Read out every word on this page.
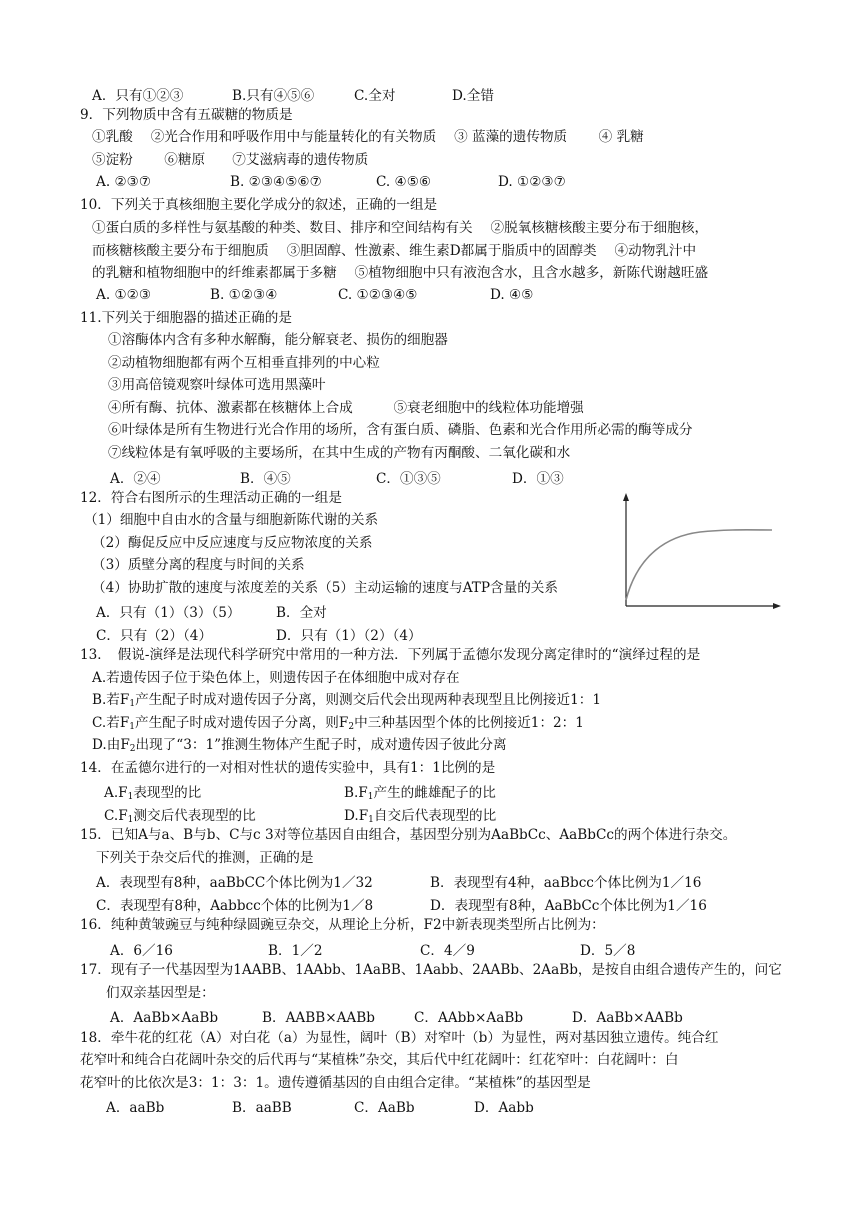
A．只有①②③	B.只有④⑤⑥	C.全对	D.全错
9．下列物质中含有五碳糖的物质是
①乳酸　 ②光合作用和呼吸作用中与能量转化的有关物质　 ③ 蓝藻的遗传物质　　 ④ 乳糖
⑤淀粉　　 ⑥糖原　　⑦艾滋病毒的遗传物质
A. ②③⑦	B. ②③④⑤⑥⑦	C. ④⑤⑥	D. ①②③⑦
10．下列关于真核细胞主要化学成分的叙述，正确的一组是
①蛋白质的多样性与氨基酸的种类、数目、排序和空间结构有关　 ②脱氧核糖核酸主要分布于细胞核，
而核糖核酸主要分布于细胞质　 ③胆固醇、性激素、维生素D都属于脂质中的固醇类　 ④动物乳汁中
的乳糖和植物细胞中的纤维素都属于多糖　 ⑤植物细胞中只有液泡含水，且含水越多，新陈代谢越旺盛
A. ①②③	B. ①②③④	C. ①②③④⑤	D. ④⑤
11.下列关于细胞器的描述正确的是
①溶酶体内含有多种水解酶，能分解衰老、损伤的细胞器
②动植物细胞都有两个互相垂直排列的中心粒
③用高倍镜观察叶绿体可选用黑藻叶
④所有酶、抗体、激素都在核糖体上合成　　　⑤衰老细胞中的线粒体功能增强
⑥叶绿体是所有生物进行光合作用的场所，含有蛋白质、磷脂、色素和光合作用所必需的酶等成分
⑦线粒体是有氧呼吸的主要场所，在其中生成的产物有丙酮酸、二氧化碳和水
A．②④	B．④⑤	C．①③⑤	D．①③
12．符合右图所示的生理活动正确的一组是
（1）细胞中自由水的含量与细胞新陈代谢的关系
（2）酶促反应中反应速度与反应物浓度的关系
（3）质壁分离的程度与时间的关系
（4）协助扩散的速度与浓度差的关系（5）主动运输的速度与ATP含量的关系
A．只有（1）（3）（5）	B．全对
C．只有（2）（4）	D．只有（1）（2）（4）
13．　假说-演绎是法现代科学研究中常用的一种方法．下列属于孟德尔发现分离定律时的“演绎过程的是
A.若遗传因子位于染色体上，则遗传因子在体细胞中成对存在
B.若$F_1$产生配子时成对遗传因子分离，则测交后代会出现两种表现型且比例接近1：1
C.若$F_1$产生配子时成对遗传因子分离，则$F_2$中三种基因型个体的比例接近1：2：1
D.由$F_2$出现了“3：1”推测生物体产生配子时，成对遗传因子彼此分离
14．在孟德尔进行的一对相对性状的遗传实验中，具有1：1比例的是
$A.F_1$表现型的比	$B.F_1$产生的雌雄配子的比
$C.F_1$测交后代表现型的比	$D.F_1$自交后代表现型的比
15．已知A与a、B与b、C与c 3对等位基因自由组合，基因型分别为AaBbCc、AaBbCc的两个体进行杂交。
下列关于杂交后代的推测，正确的是
A．表现型有8种，aaBbCC个体比例为1／32	B．表现型有4种，aaBbcc个体比例为1／16
C．表现型有8种，Aabbcc个体的比例为1／8	D．表现型有8种，AaBbCc个体比例为1／16
16．纯种黄皱豌豆与纯种绿圆豌豆杂交，从理论上分析，F2中新表现类型所占比例为：
A．6／16	B．1／2	C．4／9	D．5／8
17．现有子一代基因型为1AABB、1AAbb、1AaBB、1Aabb、2AABb、2AaBb，是按自由组合遗传产生的，问它
们双亲基因型是：
A．AaBb×AaBb	B．AABB×AABb	C．AAbb×AaBb	D．AaBb×AABb
18．牵牛花的红花（A）对白花（a）为显性，阔叶（B）对窄叶（b）为显性，两对基因独立遗传。纯合红
花窄叶和纯合白花阔叶杂交的后代再与“某植株”杂交，其后代中红花阔叶：红花窄叶：白花阔叶：白
花窄叶的比依次是3：1：3：1。遗传遵循基因的自由组合定律。“某植株”的基因型是
A．aaBb	B．aaBB	C．AaBb	D．Aabb
